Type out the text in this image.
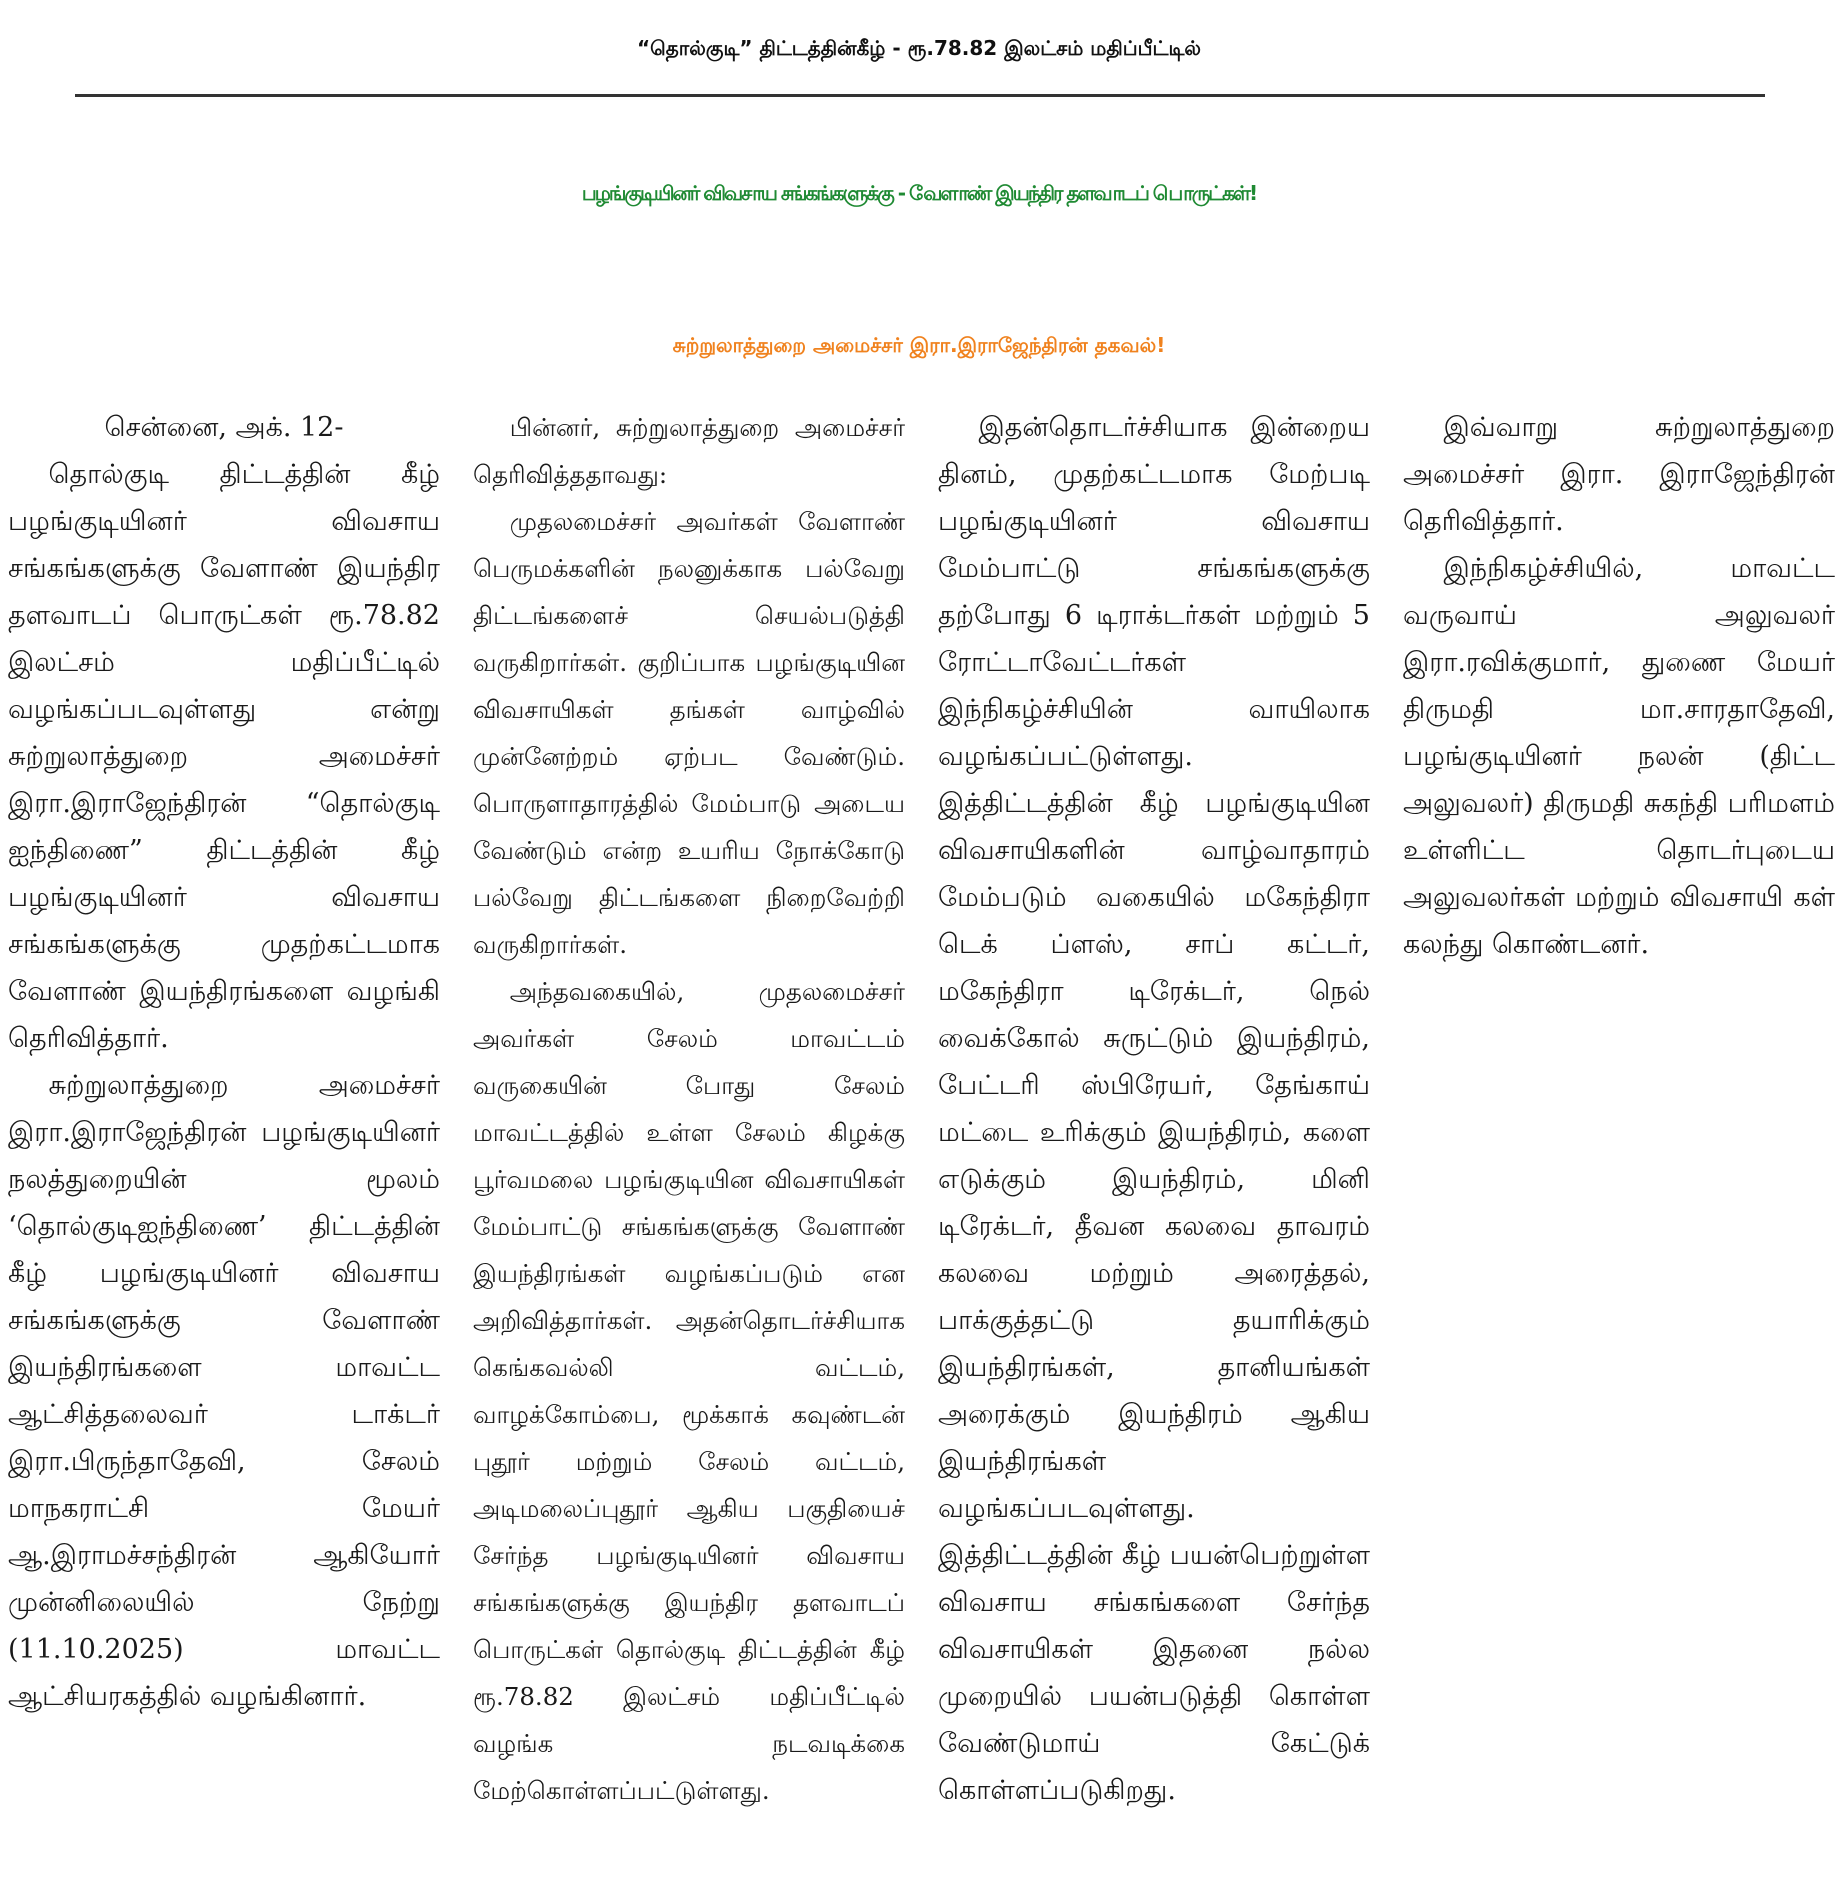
“தொல்குடி” திட்டத்தின்கீழ் - ரூ.78.82 இலட்சம் மதிப்பீட்டில்
பழங்குடியினர் விவசாய சங்கங்களுக்கு - வேளாண் இயந்திர தளவாடப் பொருட்கள்!
சுற்றுலாத்துறை அமைச்சர் இரா.இராஜேந்திரன் தகவல்!
சென்னை, அக். 12-

தொல்குடி திட்டத்தின் கீழ் பழங்குடியினர் விவசாய சங்கங்களுக்கு வேளாண் இயந்திர தளவாடப் பொருட்கள் ரூ.78.82 இலட்சம் மதிப்பீட்டில் வழங்கப்படவுள்ளது என்று சுற்றுலாத்துறை அமைச்சர் இரா.இராஜேந்திரன் “தொல்குடி ஐந்திணை” திட்டத்தின் கீழ் பழங்குடியினர் விவசாய சங்கங்களுக்கு முதற்கட்டமாக வேளாண் இயந்திரங்களை வழங்கி தெரிவித்தார்.

சுற்றுலாத்துறை அமைச்சர் இரா.இராஜேந்திரன் பழங்குடியினர் நலத்துறையின் மூலம் ‘தொல்குடிஐந்திணை’ திட்டத்தின் கீழ் பழங்குடியினர் விவசாய சங்கங்களுக்கு வேளாண் இயந்திரங்களை மாவட்ட ஆட்சித்தலைவர் டாக்டர் இரா.பிருந்தாதேவி, சேலம் மாநகராட்சி மேயர் ஆ.இராமச்சந்திரன் ஆகியோர் முன்னிலையில் நேற்று (11.10.2025) மாவட்ட ஆட்சியரகத்தில் வழங்கினார்.

பின்னர், சுற்றுலாத்துறை அமைச்சர் தெரிவித்ததாவது:

முதலமைச்சர் அவர்கள் வேளாண் பெருமக்களின் நலனுக்காக பல்வேறு திட்டங்களைச் செயல்படுத்தி வருகிறார்கள். குறிப்பாக பழங்குடியின விவசாயிகள் தங்கள் வாழ்வில் முன்னேற்றம் ஏற்பட வேண்டும். பொருளாதாரத்தில் மேம்பாடு அடைய வேண்டும் என்ற உயரிய நோக்கோடு பல்வேறு திட்டங்களை நிறைவேற்றி வருகிறார்கள்.

அந்தவகையில், முதலமைச்சர் அவர்கள் சேலம் மாவட்டம் வருகையின் போது சேலம் மாவட்டத்தில் உள்ள சேலம் கிழக்கு பூர்வமலை பழங்குடியின விவசாயிகள் மேம்பாட்டு சங்கங்களுக்கு வேளாண் இயந்திரங்கள் வழங்கப்படும் என அறிவித்தார்கள். அதன்தொடர்ச்சியாக கெங்கவல்லி வட்டம், வாழக்கோம்பை, மூக்காக் கவுண்டன் புதூர் மற்றும் சேலம் வட்டம், அடிமலைப்புதூர் ஆகிய பகுதியைச் சேர்ந்த பழங்குடியினர் விவசாய சங்கங்களுக்கு இயந்திர தளவாடப் பொருட்கள் தொல்குடி திட்டத்தின் கீழ் ரூ.78.82 இலட்சம் மதிப்பீட்டில் வழங்க நடவடிக்கை மேற்கொள்ளப்பட்டுள்ளது.

இதன்தொடர்ச்சியாக இன்றைய தினம், முதற்கட்டமாக மேற்படி பழங்குடியினர் விவசாய மேம்பாட்டு சங்கங்களுக்கு தற்போது 6 டிராக்டர்கள் மற்றும் 5 ரோட்டாவேட்டர்கள் இந்நிகழ்ச்சியின் வாயிலாக வழங்கப்பட்டுள்ளது. இத்திட்டத்தின் கீழ் பழங்குடியின விவசாயிகளின் வாழ்வாதாரம் மேம்படும் வகையில் மகேந்திரா டெக் ப்ளஸ், சாப் கட்டர், மகேந்திரா டிரேக்டர், நெல் வைக்கோல் சுருட்டும் இயந்திரம், பேட்டரி ஸ்பிரேயர், தேங்காய் மட்டை உரிக்கும் இயந்திரம், களை எடுக்கும் இயந்திரம், மினி டிரேக்டர், தீவன கலவை தாவரம் கலவை மற்றும் அரைத்தல், பாக்குத்தட்டு தயாரிக்கும் இயந்திரங்கள், தானியங்கள் அரைக்கும் இயந்திரம் ஆகிய இயந்திரங்கள் வழங்கப்படவுள்ளது. இத்திட்டத்தின் கீழ் பயன்பெற்றுள்ள விவசாய சங்கங்களை சேர்ந்த விவசாயிகள் இதனை நல்ல முறையில் பயன்படுத்தி கொள்ள வேண்டுமாய் கேட்டுக் கொள்ளப்படுகிறது.

இவ்வாறு சுற்றுலாத்துறை அமைச்சர் இரா. இராஜேந்திரன் தெரிவித்தார்.

இந்நிகழ்ச்சியில், மாவட்ட வருவாய் அலுவலர் இரா.ரவிக்குமார், துணை மேயர் திருமதி மா.சாரதாதேவி, பழங்குடியினர் நலன் (திட்ட அலுவலர்) திருமதி சுகந்தி பரிமளம் உள்ளிட்ட தொடர்புடைய அலுவலர்கள் மற்றும் விவசாயி கள் கலந்து கொண்டனர்.
